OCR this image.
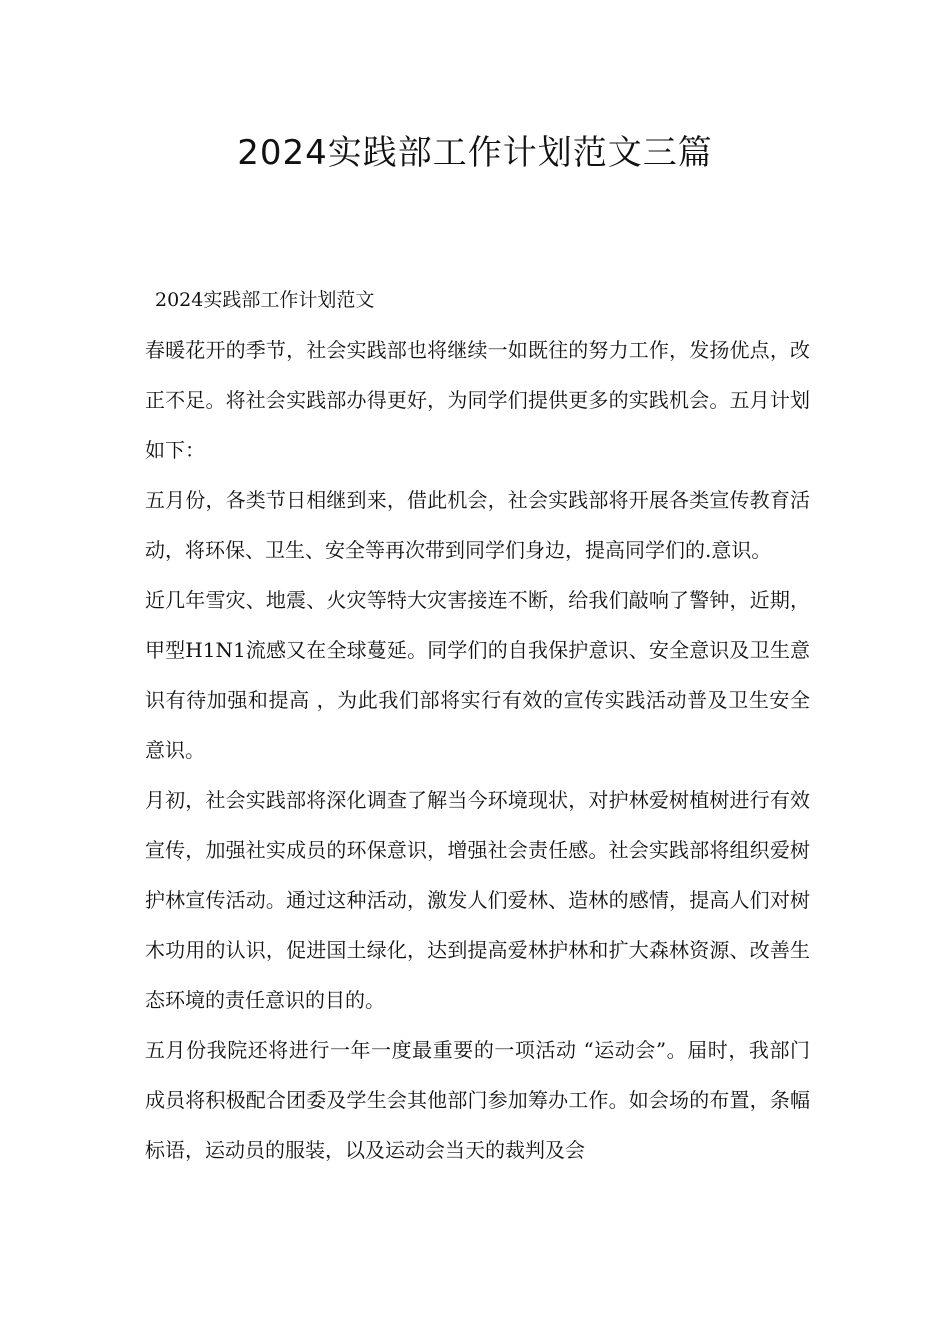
2024实践部工作计划范文三篇
2024实践部工作计划范文

春暖花开的季节，社会实践部也将继续一如既往的努力工作，发扬优点，改正不足。将社会实践部办得更好，为同学们提供更多的实践机会。五月计划如下：

五月份，各类节日相继到来，借此机会，社会实践部将开展各类宣传教育活动，将环保、卫生、安全等再次带到同学们身边，提高同学们的.意识。

近几年雪灾、地震、火灾等特大灾害接连不断，给我们敲响了警钟，近期，甲型H1N1流感又在全球蔓延。同学们的自我保护意识、安全意识及卫生意识有待加强和提高 ，为此我们部将实行有效的宣传实践活动普及卫生安全意识。

月初，社会实践部将深化调查了解当今环境现状，对护林爱树植树进行有效宣传，加强社实成员的环保意识，增强社会责任感。社会实践部将组织爱树护林宣传活动。通过这种活动，激发人们爱林、造林的感情，提高人们对树木功用的认识，促进国土绿化，达到提高爱林护林和扩大森林资源、改善生态环境的责任意识的目的。

五月份我院还将进行一年一度最重要的一项活动 “运动会”。届时，我部门成员将积极配合团委及学生会其他部门参加筹办工作。如会场的布置，条幅标语，运动员的服装，以及运动会当天的裁判及会
